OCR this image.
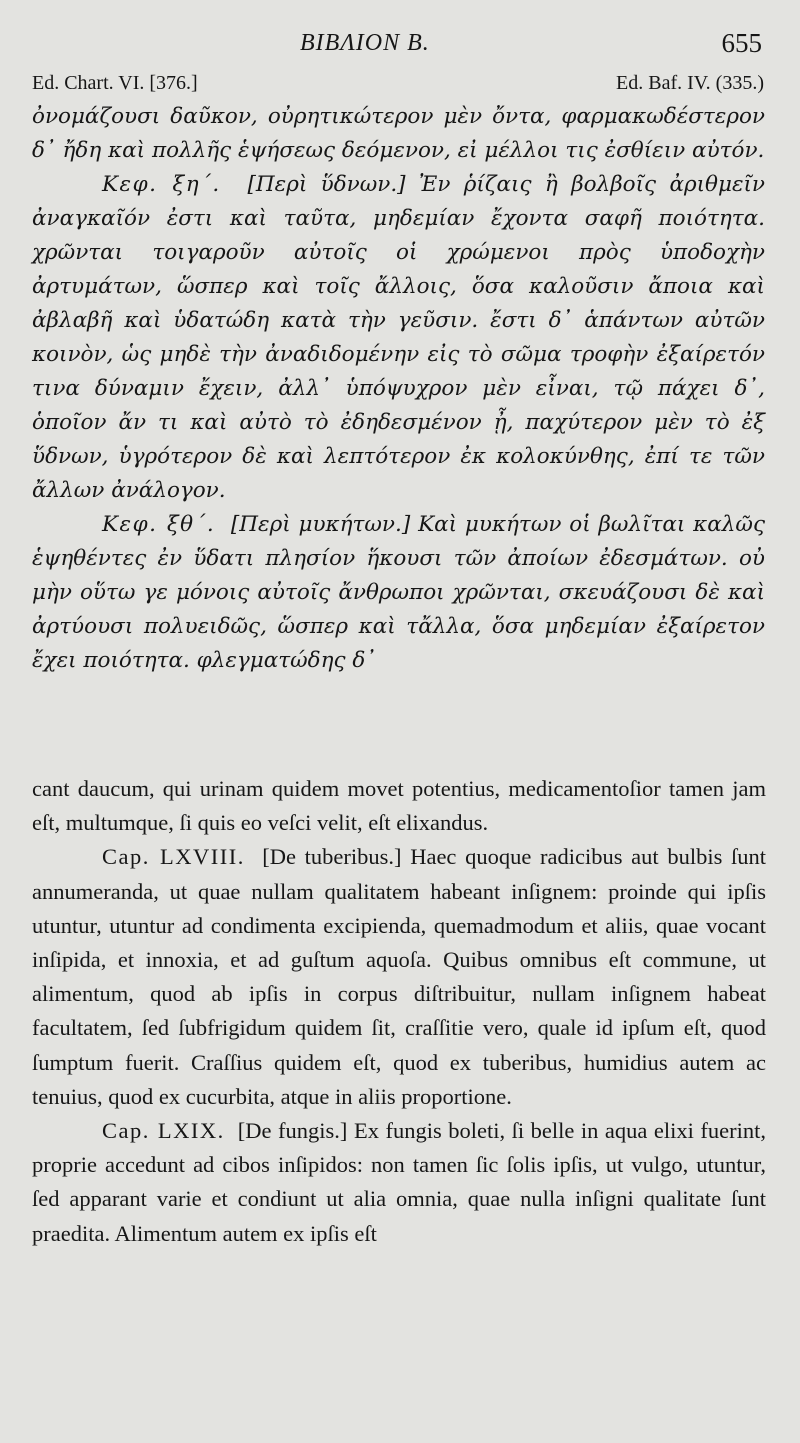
BIBΛΙΟΝ B.	655
Ed. Chart. VI. [376.]	Ed. Baf. IV. (335.)

ὀνομάζουσι δαῦκον, οὐρητικώτερον μὲν ὄντα, φαρμακωδέστερον δ᾽ ἤδη καὶ πολλῆς ἑψήσεως δεόμενον, εἰ μέλλοι τις ἐσθίειν αὐτόν.

Κεφ. ξη´. [Περὶ ὕδνων.] Ἐν ῥίζαις ἢ βολβοῖς ἀριθμεῖν ἀναγκαῖόν ἐστι καὶ ταῦτα, μηδεμίαν ἔχοντα σαφῆ ποιότητα. χρῶνται τοιγαροῦν αὐτοῖς οἱ χρώμενοι πρὸς ὑποδοχὴν ἀρτυμάτων, ὥσπερ καὶ τοῖς ἄλλοις, ὅσα καλοῦσιν ἄποια καὶ ἀβλαβῆ καὶ ὑδατώδη κατὰ τὴν γεῦσιν. ἔστι δ᾽ ἁπάντων αὐτῶν κοινὸν, ὡς μηδὲ τὴν ἀναδιδομένην εἰς τὸ σῶμα τροφὴν ἐξαίρετόν τινα δύναμιν ἔχειν, ἀλλ᾽ ὑπόψυχρον μὲν εἶναι, τῷ πάχει δ᾽, ὁποῖον ἄν τι καὶ αὐτὸ τὸ ἐδηδεσμένον ᾖ, παχύτερον μὲν τὸ ἐξ ὕδνων, ὑγρότερον δὲ καὶ λεπτότερον ἐκ κολοκύνθης, ἐπί τε τῶν ἄλλων ἀνάλογον.

Κεφ. ξθ´. [Περὶ μυκήτων.] Καὶ μυκήτων οἱ βωλῖται καλῶς ἑψηθέντες ἐν ὕδατι πλησίον ἥκουσι τῶν ἀποίων ἐδεσμάτων. οὐ μὴν οὕτω γε μόνοις αὐτοῖς ἄνθρωποι χρῶνται, σκευάζουσι δὲ καὶ ἀρτύουσι πολυειδῶς, ὥσπερ καὶ τἄλλα, ὅσα μηδεμίαν ἐξαίρετον ἔχει ποιότητα. φλεγματώδης δ᾽

cant daucum, qui urinam quidem movet potentius, medicamentoſior tamen jam eſt, multumque, ſi quis eo veſci velit, eſt elixandus.

Cap. LXVIII. [De tuberibus.] Haec quoque radicibus aut bulbis ſunt annumeranda, ut quae nullam qualitatem habeant inſignem: proinde qui ipſis utuntur, utuntur ad condimenta excipienda, quemadmodum et aliis, quae vocant inſipida, et innoxia, et ad guſtum aquoſa. Quibus omnibus eſt commune, ut alimentum, quod ab ipſis in corpus diſtribuitur, nullam inſignem habeat facultatem, ſed ſubfrigidum quidem ſit, craſſitie vero, quale id ipſum eſt, quod ſumptum fuerit. Craſſius quidem eſt, quod ex tuberibus, humidius autem ac tenuius, quod ex cucurbita, atque in aliis proportione.

Cap. LXIX. [De fungis.] Ex fungis boleti, ſi belle in aqua elixi fuerint, proprie accedunt ad cibos inſipidos: non tamen ſic ſolis ipſis, ut vulgo, utuntur, ſed apparant varie et condiunt ut alia omnia, quae nulla inſigni qualitate ſunt praedita. Alimentum autem ex ipſis eſt
